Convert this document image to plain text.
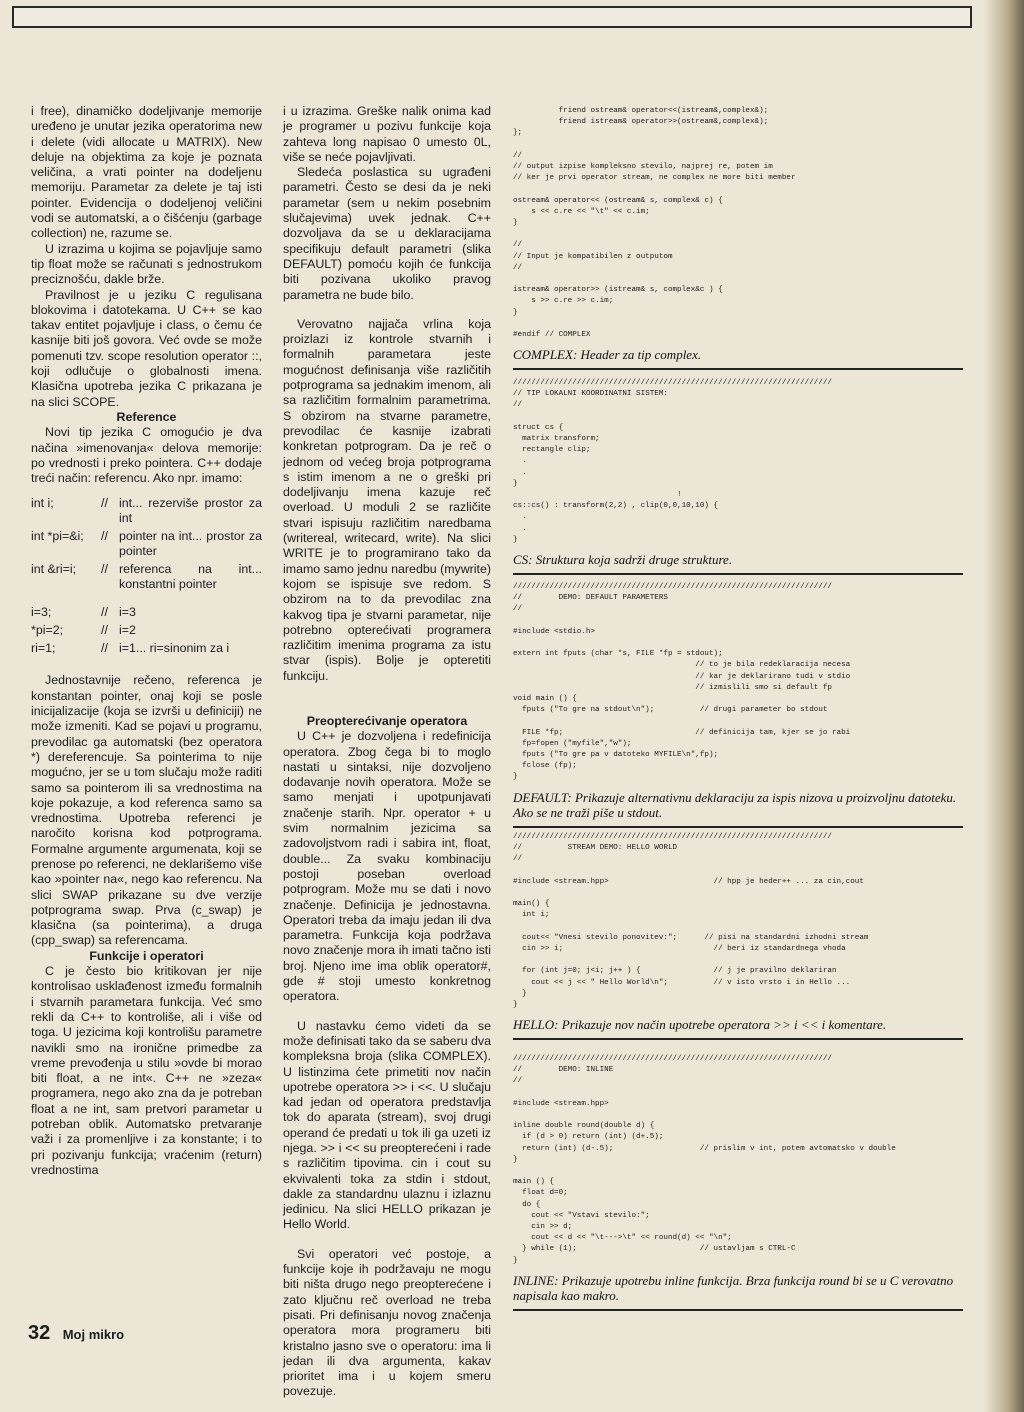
i free), dinamičko dodeljivanje memorije uređeno je unutar jezika operatorima new i delete (vidi allocate u MATRIX). New deluje na objektima za koje je poznata veličina, a vrati pointer na dodeljenu memoriju. Parametar za delete je taj isti pointer. Evidencija o dodeljenoj veličini vodi se automatski, a o čišćenju (garbage collection) ne, razume se.

U izrazima u kojima se pojavljuje samo tip float može se računati s jednostrukom preciznošću, dakle brže.

Pravilnost je u jeziku C regulisana blokovima i datotekama. U C++ se kao takav entitet pojavljuje i class, o čemu će kasnije biti još govora. Već ovde se može pomenuti tzv. scope resolution operator ::, koji odlučuje o globalnosti imena. Klasična upotreba jezika C prikazana je na slici SCOPE.

Reference

Novi tip jezika C omogućio je dva načina »imenovanja« delova memorije: po vrednosti i preko pointera. C++ dodaje treći način: referencu. Ako npr. imamo:

int i;	//	int... rezerviše prostor za int
int *pi=&i;	//	pointer na int... prostor za pointer
int &ri=i;	//	referenca na int... konstantni pointer
i=3;	//	i=3
*pi=2;	//	i=2
ri=1;	//	i=1... ri=sinonim za i

Jednostavnije rečeno, referenca je konstantan pointer, onaj koji se posle inicijalizacije (koja se izvrši u definiciji) ne može izmeniti. Kad se pojavi u programu, prevodilac ga automatski (bez operatora *) dereferencuje. Sa pointerima to nije mogućno, jer se u tom slučaju može raditi samo sa pointerom ili sa vrednostima na koje pokazuje, a kod referenca samo sa vrednostima. Upotreba referenci je naročito korisna kod potprograma. Formalne argumente argumenata, koji se prenose po referenci, ne deklarišemo više kao »pointer na«, nego kao referencu. Na slici SWAP prikazane su dve verzije potprograma swap. Prva (c_swap) je klasična (sa pointerima), a druga (cpp_swap) sa referencama.

Funkcije i operatori

C je često bio kritikovan jer nije kontrolisao usklađenost između formalnih i stvarnih parametara funkcija. Već smo rekli da C++ to kontroliše, ali i više od toga. U jezicima koji kontrolišu parametre navikli smo na ironične primedbe za vreme prevođenja u stilu »ovde bi morao biti float, a ne int«. C++ ne »zeza« programera, nego ako zna da je potreban float a ne int, sam pretvori parametar u potreban oblik. Automatsko pretvaranje važi i za promenljive i za konstante; i to pri pozivanju funkcija; vraćenim (return) vrednostima

i u izrazima. Greške nalik onima kad je programer u pozivu funkcije koja zahteva long napisao 0 umesto 0L, više se neće pojavljivati.

Sledeća poslastica su ugrađeni parametri. Često se desi da je neki parametar (sem u nekim posebnim slučajevima) uvek jednak. C++ dozvoljava da se u deklaracijama specifikuju default parametri (slika DEFAULT) pomoću kojih će funkcija biti pozivana ukoliko pravog parametra ne bude bilo.

Verovatno najjača vrlina koja proizlazi iz kontrole stvarnih i formalnih parametara jeste mogućnost definisanja više različitih potprograma sa jednakim imenom, ali sa različitim formalnim parametrima. S obzirom na stvarne parametre, prevodilac će kasnije izabrati konkretan potprogram. Da je reč o jednom od većeg broja potprograma s istim imenom a ne o greški pri dodeljivanju imena kazuje reč overload. U moduli 2 se različite stvari ispisuju različitim naredbama (writereal, writecard, write). Na slici WRITE je to programirano tako da imamo samo jednu naredbu (mywrite) kojom se ispisuje sve redom. S obzirom na to da prevodilac zna kakvog tipa je stvarni parametar, nije potrebno opterećivati programera različitim imenima programa za istu stvar (ispis). Bolje je opteretiti funkciju.

Preopterećivanje operatora

U C++ je dozvoljena i redefinicija operatora. Zbog čega bi to moglo nastati u sintaksi, nije dozvoljeno dodavanje novih operatora. Može se samo menjati i upotpunjavati značenje starih. Npr. operator + u svim normalnim jezicima sa zadovoljstvom radi i sabira int, float, double... Za svaku kombinaciju postoji poseban overload potprogram. Može mu se dati i novo značenje. Definicija je jednostavna. Operatori treba da imaju jedan ili dva parametra. Funkcija koja podržava novo značenje mora ih imati tačno isti broj. Njeno ime ima oblik operator#, gde # stoji umesto konkretnog operatora.

U nastavku ćemo videti da se može definisati tako da se saberu dva kompleksna broja (slika COMPLEX). U listinzima ćete primetiti nov način upotrebe operatora >> i <<. U slučaju kad jedan od operatora predstavlja tok do aparata (stream), svoj drugi operand će predati u tok ili ga uzeti iz njega. >> i << su preopterećeni i rade s različitim tipovima. cin i cout su ekvivalenti toka za stdin i stdout, dakle za standardnu ulaznu i izlaznu jedinicu. Na slici HELLO prikazan je Hello World.

Svi operatori već postoje, a funkcije koje ih podržavaju ne mogu biti ništa drugo nego preopterećene i zato ključnu reč overload ne treba pisati. Pri definisanju novog značenja operatora mora programeru biti kristalno jasno sve o operatoru: ima li jedan ili dva argumenta, kakav prioritet ima i u kojem smeru povezuje.

friend ostream& operator<<(istream&,complex&);
friend istream& operator>>(ostream&,complex&);
};

//
// output izpise kompleksno stevilo, najprej re, potem im
// ker je prvi operator stream, ne complex ne more biti member

ostream& operator<< (ostream& s, complex& c) {
s << c.re << "\t" << c.im;
}

//
// Input je kompatibilen z outputom
//

istream& operator>> (istream& s, complex&c ) {
s >> c.re >> c.im;
}

#endif // COMPLEX
COMPLEX: Header za tip complex.
//////////////////////////////////////////////////////////////////////
// TIP LOKALNI KOORDINATNI SISTEM:
//

struct cs {
matrix transform;
rectangle clip;
.
.
}
!
cs::cs() : transform(2,2) , clip(0,0,10,10) {
.
.
}
CS: Struktura koja sadrži druge strukture.
//////////////////////////////////////////////////////////////////////
//        DEMO: DEFAULT PARAMETERS
//

#include <stdio.h>

extern int fputs (char *s, FILE *fp = stdout);
// to je bila redeklaracija necesa
// kar je deklarirano tudi v stdio
// izmislili smo si default fp
void main () {
fputs ("To gre na stdout\n");          // drugi parameter bo stdout

FILE *fp;                             // definicija tam, kjer se jo rabi
fp=fopen ("myfile","w");
fputs ("To gre pa v datoteko MYFILE\n",fp);
fclose (fp);
}
DEFAULT: Prikazuje alternativnu deklaraciju za ispis nizova u proizvoljnu datoteku. Ako se ne traži piše u stdout.
//////////////////////////////////////////////////////////////////////
//          STREAM DEMO: HELLO WORLD
//

#include <stream.hpp>                       // hpp je heder++ ... za cin,cout

main() {
int i;

cout<< "Vnesi stevilo ponovitev:";      // pisi na standardni izhodni stream
cin >> i;                                 // beri iz standardnega vhoda

for (int j=0; j<i; j++ ) {                // j je pravilno deklariran
cout << j << " Hello World\n";          // v isto vrsto i in Hello ...
}
}
HELLO: Prikazuje nov način upotrebe operatora >> i << i komentare.
//////////////////////////////////////////////////////////////////////
//        DEMO: INLINE
//

#include <stream.hpp>

inline double round(double d) {
if (d > 0) return (int) (d+.5);
return (int) (d-.5);                   // prislim v int, potem avtomatsko v double
}

main () {
float d=0;
do {
cout << "Vstavi stevilo:";
cin >> d;
cout << d << "\t--->\t" << round(d) << "\n";
} while (1);                           // ustavljam s CTRL-C
}
INLINE: Prikazuje upotrebu inline funkcija. Brza funkcija round bi se u C verovatno napisala kao makro.
32 Moj mikro
